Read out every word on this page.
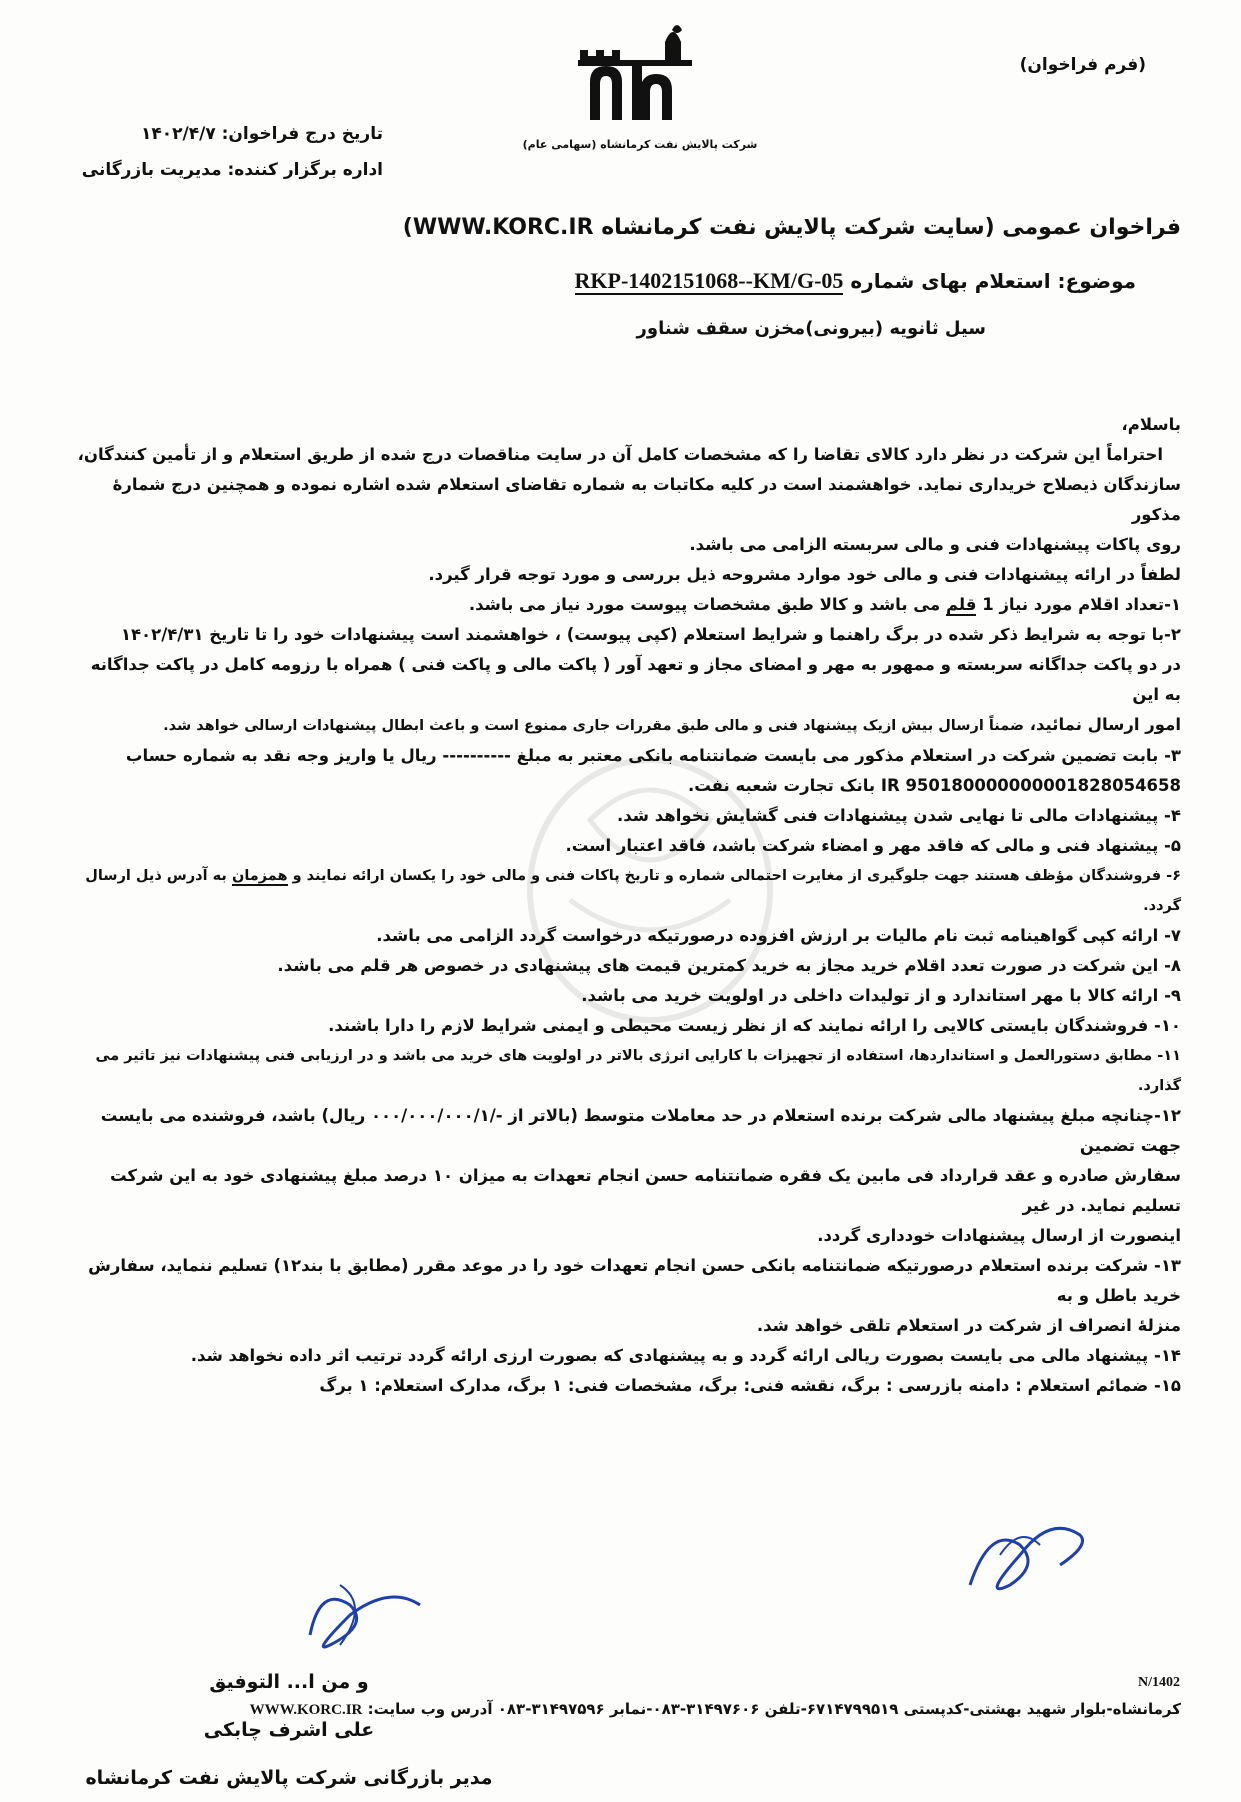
(فرم فراخوان)
شرکت پالایش نفت کرمانشاه (سهامی عام)
تاریخ درج فراخوان: ۱۴۰۲/۴/۷
اداره برگزار کننده: مدیریت بازرگانی
فراخوان عمومی (سایت شرکت پالایش نفت کرمانشاه WWW.KORC.IR)
موضوع: استعلام بهای شماره RKP-1402151068--KM/G-05
سیل ثانویه (بیرونی)مخزن سقف شناور

باسلام،

احتراماً این شرکت در نظر دارد کالای تقاضا را که مشخصات کامل آن در سایت مناقصات درج شده از طریق استعلام و از تأمین کنندگان،

سازندگان ذیصلاح خریداری نماید. خواهشمند است در کلیه مکاتبات به شماره تقاضای استعلام شده اشاره نموده و همچنین درج شمارهٔ مذکور

روی پاکات پیشنهادات فنی و مالی سربسته الزامی می باشد.

لطفاً در ارائه پیشنهادات فنی و مالی خود موارد مشروحه ذیل بررسی و مورد توجه قرار گیرد.

۱-تعداد اقلام مورد نیاز 1 قلم می باشد و کالا طبق مشخصات پیوست مورد نیاز می باشد.

۲-با توجه به شرایط ذکر شده در برگ راهنما و شرایط استعلام (کپی پیوست) ، خواهشمند است پیشنهادات خود را تا تاریخ ۱۴۰۲/۴/۳۱

در دو پاکت جداگانه سربسته و ممهور به مهر و امضای مجاز و تعهد آور ( پاکت مالی و پاکت فنی ) همراه با رزومه کامل در پاکت جداگانه به این

امور ارسال نمائید، ضمناً ارسال بیش ازیک پیشنهاد فنی و مالی طبق مقررات جاری ممنوع است و باعث ابطال پیشنهادات ارسالی خواهد شد.

۳- بابت تضمین شرکت در استعلام مذکور می بایست ضمانتنامه بانکی معتبر به مبلغ ---------- ریال یا واریز وجه نقد به شماره حساب

IR 950180000000001828054658 بانک تجارت شعبه نفت.

۴- پیشنهادات مالی تا نهایی شدن پیشنهادات فنی گشایش نخواهد شد.

۵- پیشنهاد فنی و مالی که فاقد مهر و امضاء شرکت باشد، فاقد اعتبار است.

۶- فروشندگان مؤظف هستند جهت جلوگیری از مغایرت احتمالی شماره و تاریخ پاکات فنی و مالی خود را یکسان ارائه نمایند و همزمان به آدرس ذیل ارسال گردد.

۷- ارائه کپی گواهینامه ثبت نام مالیات بر ارزش افزوده درصورتیکه درخواست گردد الزامی می باشد.

۸- این شرکت در صورت تعدد اقلام خرید مجاز به خرید کمترین قیمت های پیشنهادی در خصوص هر قلم می باشد.

۹- ارائه کالا با مهر استاندارد و از تولیدات داخلی در اولویت خرید می باشد.

۱۰- فروشندگان بایستی کالایی را ارائه نمایند که از نظر زیست محیطی و ایمنی شرایط لازم را دارا باشند.

۱۱- مطابق دستورالعمل و استانداردها، استفاده از تجهیزات با کارایی انرژی بالاتر در اولویت های خرید می باشد و در ارزیابی فنی پیشنهادات نیز تاثیر می گذارد.

۱۲-چنانچه مبلغ پیشنهاد مالی شرکت برنده استعلام در حد معاملات متوسط (بالاتر از -/۰۰۰/۰۰۰/۰۰۰/۱ ریال) باشد، فروشنده می بایست جهت تضمین

سفارش صادره و عقد قرارداد فی مابین یک فقره ضمانتنامه حسن انجام تعهدات به میزان ۱۰ درصد مبلغ پیشنهادی خود به این شرکت تسلیم نماید. در غیر

اینصورت از ارسال پیشنهادات خودداری گردد.

۱۳- شرکت برنده استعلام درصورتیکه ضمانتنامه بانکی حسن انجام تعهدات خود را در موعد مقرر (مطابق با بند۱۲) تسلیم ننماید، سفارش خرید باطل و به

منزلهٔ انصراف از شرکت در استعلام تلقی خواهد شد.

۱۴- پیشنهاد مالی می بایست بصورت ریالی ارائه گردد و به پیشنهادی که بصورت ارزی ارائه گردد ترتیب اثر داده نخواهد شد.

۱۵- ضمائم استعلام : دامنه بازرسی : برگ، نقشه فنی: برگ، مشخصات فنی: ۱ برگ، مدارک استعلام: ۱ برگ

و من ا... التوفیق
علی اشرف چابکی
مدیر بازرگانی شرکت پالایش نفت کرمانشاه
N/1402
کرمانشاه-بلوار شهید بهشتی-کدپستی ۶۷۱۴۷۹۹۵۱۹-تلفن ۳۱۴۹۷۶۰۶-۰۸۳-نمابر ۳۱۴۹۷۵۹۶-۰۸۳ آدرس وب سایت: WWW.KORC.IR
